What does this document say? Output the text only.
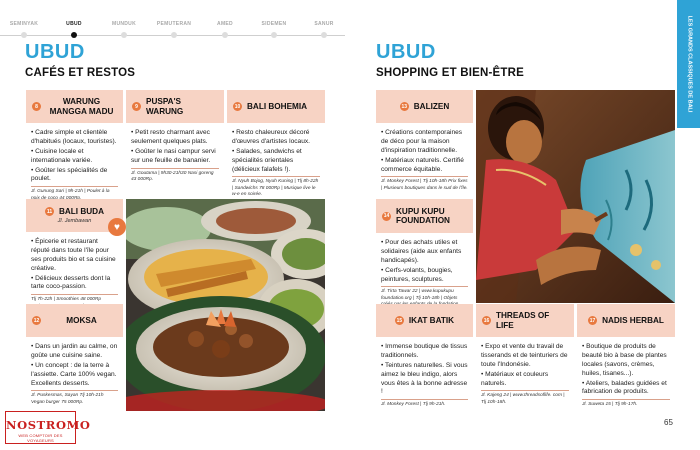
SEMINYAK	UBUD	MUNDUK	PEMUTERAN	AMED	SIDEMEN	SANUR
UBUD
CAFÉS ET RESTOS
8
WARUNG MANGGA MADU

• Cadre simple et clientèle d'habitués (locaux, touristes).

• Cuisine locale et internationale variée.

• Goûter les spécialités de poulet.

Jl. Gunung Sari | 9h-21h | Poulet à la
9
PUSPA'S WARUNG

• Petit resto charmant avec seulement quelques plats.

• Goûter le nasi campur servi sur une feuille de bananier.

Jl. Goutama | 9h30-21h30 Nasi goreng 43 000Rp.
10 BALI BOHEMIA

• Resto chaleureux décoré d'œuvres d'artistes locaux.

• Salades, sandwichs et spécialités orientales (délicieux falafels !).

Jl. Nyuh Bojog, Nyuh Kuning | Tlj 8h-22h | Sandwichs 78 000Rp | Musique live le w-e en soirée.
11 BALI BUDA
Jl. Jembawan

• Épicerie et restaurant réputé dans toute l'île pour ses produits bio et sa cuisine créative.

• Délicieux desserts dont la tarte coco-passion.

Tlj 7h-22h | Smoothies 48 000Rp
♥
12	MOKSA

• Dans un jardin au calme, on goûte une cuisine saine.

• Un concept : de la terre à l'assiette. Carte 100% vegan. Excellents desserts.

Jl. Puskesmas, Sayan Tlj 10h-21h Vegan burger 75 000Rp.
NOSTROMO
WEB COMPTOIR DES VOYAGEURS
UBUD
SHOPPING ET BIEN-ÊTRE
13 BALIZEN

• Créations contemporaines de déco pour la maison d'inspiration traditionnelle.

• Matériaux naturels. Certifié commerce équitable.

Jl. Monkey Forest | Tlj 10h-18h Prix fixes | Plusieurs boutiques dans le sud de l'île.
14
KUPU KUPU FOUNDATION

• Pour des achats utiles et solidaires (aide aux enfants handicapés).

• Cerfs-volants, bougies, peintures, sculptures.

Jl. Tirta Tawar 22 | www.kupukupu foundation.org | Tlj 10h-18h | Objets
15 IKAT BATIK

• Immense boutique de tissus traditionnels.

• Teintures naturelles. Si vous aimez le bleu indigo, alors vous êtes à la bonne adresse !

Jl. Monkey Forest | Tlj 9h-21h.
16
THREADS OF LIFE

• Expo et vente du travail de tisserands et de teinturiers de toute l'Indonésie.

• Matériaux et couleurs naturels.

Jl. Kajeng 24 | www.threadsoflife. com | Tlj 10h-18h.
17 NADIS HERBAL

• Boutique de produits de beauté bio à base de plantes locales (savons, crèmes, huiles, tisanes...).

• Ateliers, balades guidées et fabrication de produits.

Jl. Suweta 15 | Tlj 9h-17h.
LES GRANDS CLASSIQUES DE BALI
65
